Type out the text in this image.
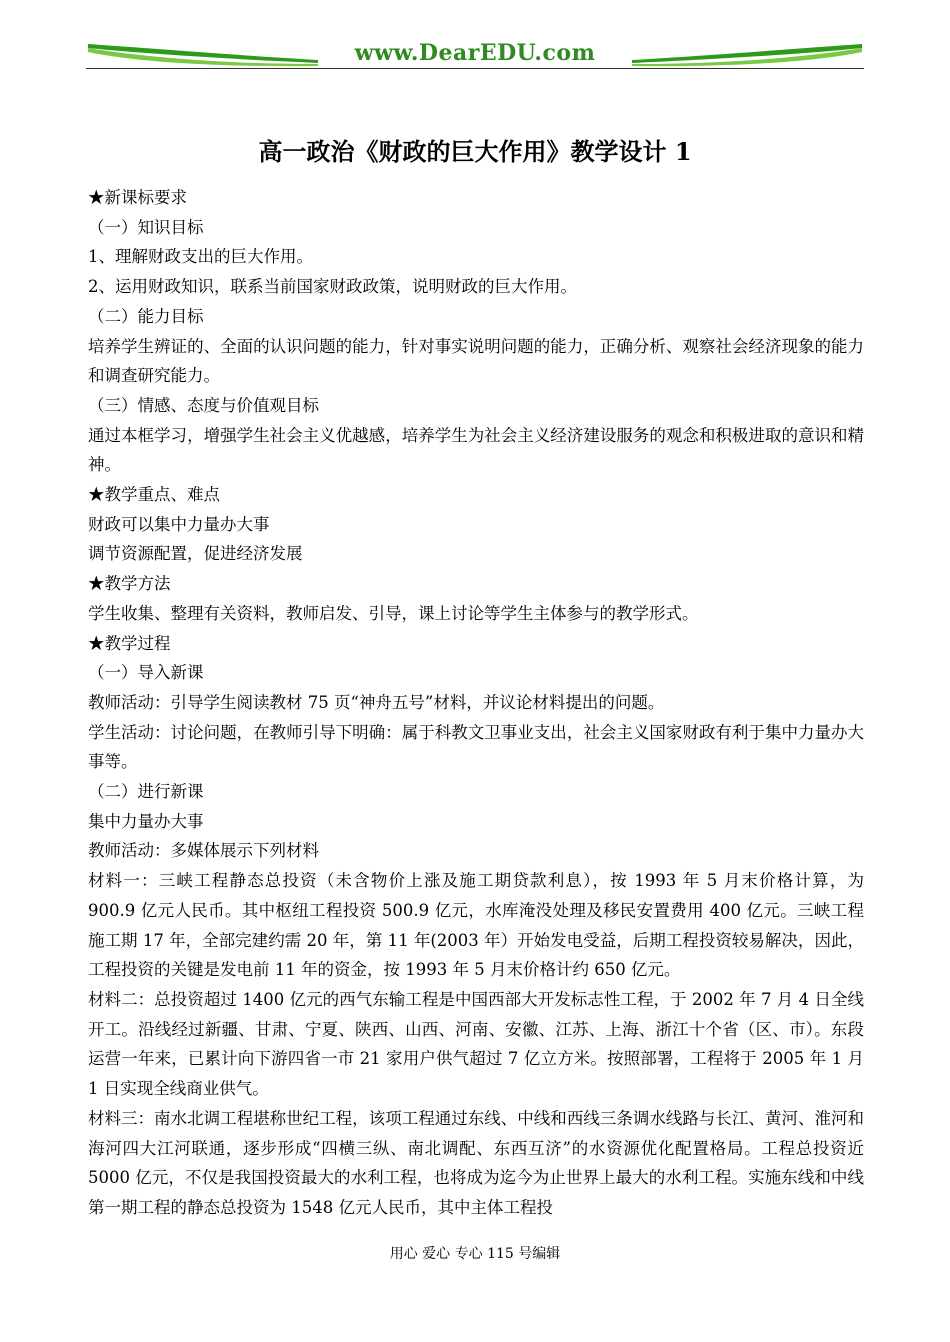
www.DearEDU.com
高一政治《财政的巨大作用》教学设计 1
★新课标要求
（一）知识目标
1、理解财政支出的巨大作用。
2、运用财政知识，联系当前国家财政政策，说明财政的巨大作用。
（二）能力目标
培养学生辨证的、全面的认识问题的能力，针对事实说明问题的能力，正确分析、观察社会经济现象的能力和调查研究能力。
（三）情感、态度与价值观目标
通过本框学习，增强学生社会主义优越感，培养学生为社会主义经济建设服务的观念和积极进取的意识和精神。
★教学重点、难点
财政可以集中力量办大事
调节资源配置，促进经济发展
★教学方法
学生收集、整理有关资料，教师启发、引导，课上讨论等学生主体参与的教学形式。
★教学过程
（一）导入新课
教师活动：引导学生阅读教材 75 页“神舟五号”材料，并议论材料提出的问题。
学生活动：讨论问题，在教师引导下明确：属于科教文卫事业支出，社会主义国家财政有利于集中力量办大事等。
（二）进行新课
集中力量办大事
教师活动：多媒体展示下列材料
材料一：三峡工程静态总投资（未含物价上涨及施工期贷款利息），按 1993 年 5 月末价格计算，为 900.9 亿元人民币。其中枢纽工程投资 500.9 亿元，水库淹没处理及移民安置费用 400 亿元。三峡工程施工期 17 年，全部完建约需 20 年，第 11 年(2003 年）开始发电受益，后期工程投资较易解决，因此，工程投资的关键是发电前 11 年的资金，按 1993 年 5 月末价格计约 650 亿元。
材料二：总投资超过 1400 亿元的西气东输工程是中国西部大开发标志性工程，于 2002 年 7 月 4 日全线开工。沿线经过新疆、甘肃、宁夏、陕西、山西、河南、安徽、江苏、上海、浙江十个省（区、市）。东段运营一年来，已累计向下游四省一市 21 家用户供气超过 7 亿立方米。按照部署，工程将于 2005 年 1 月 1 日实现全线商业供气。
材料三：南水北调工程堪称世纪工程，该项工程通过东线、中线和西线三条调水线路与长江、黄河、淮河和海河四大江河联通，逐步形成“四横三纵、南北调配、东西互济”的水资源优化配置格局。工程总投资近 5000 亿元，不仅是我国投资最大的水利工程，也将成为迄今为止世界上最大的水利工程。实施东线和中线第一期工程的静态总投资为 1548 亿元人民币，其中主体工程投
用心 爱心 专心 115 号编辑
